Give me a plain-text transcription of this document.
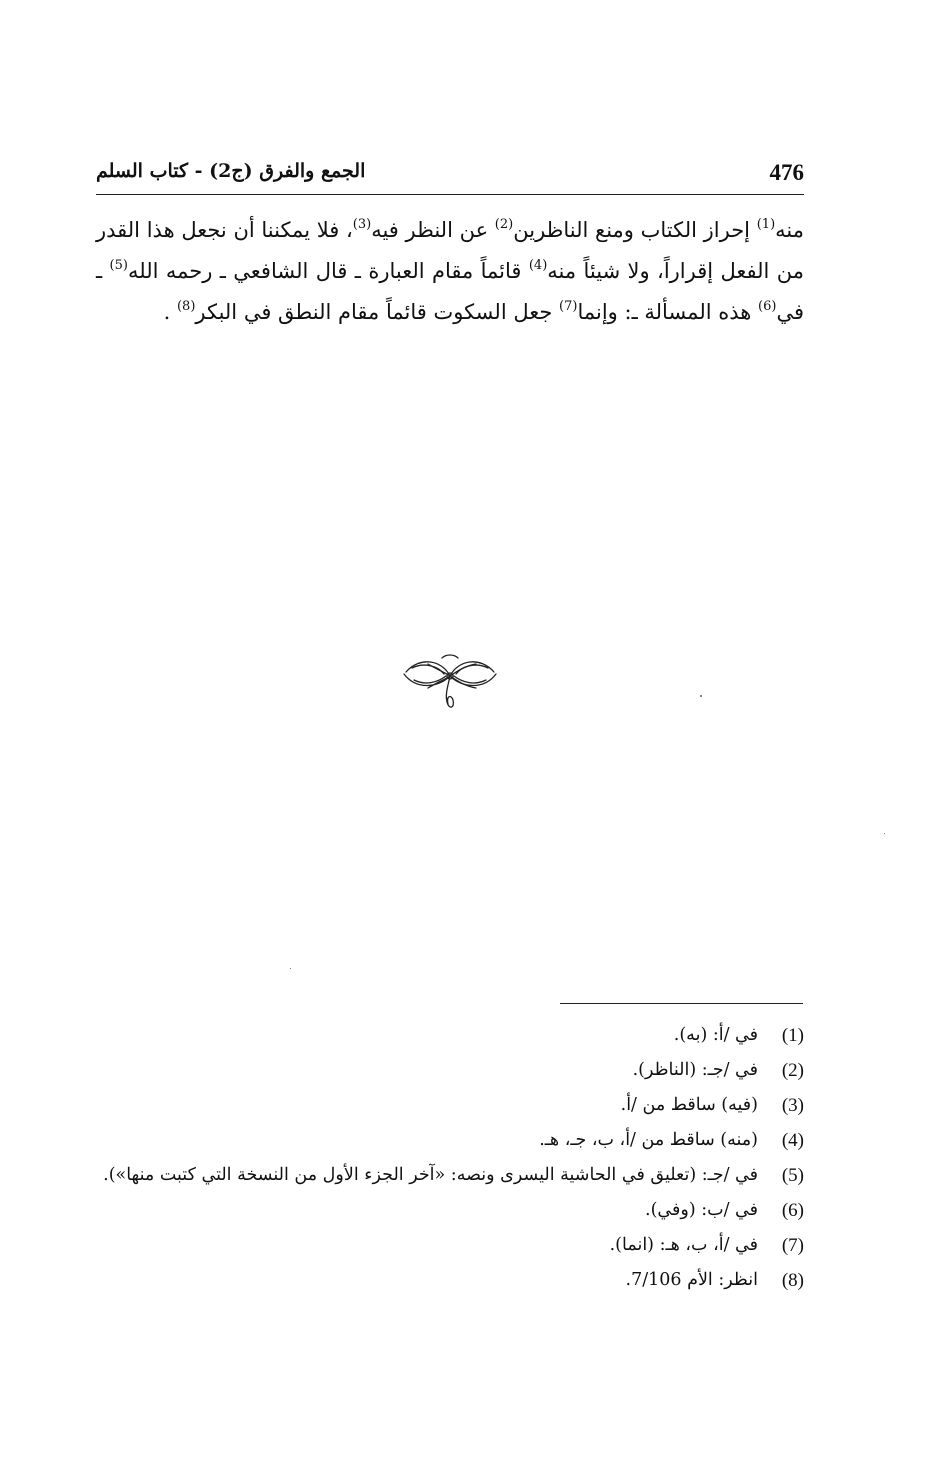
476
الجمع والفرق (ج2) - كتاب السلم
منه$^{(1)}$ إحراز الكتاب ومنع الناظرين$^{(2)}$ عن النظر فيه$^{(3)}$، فلا يمكننا أن نجعل هذا القدر من الفعل إقراراً، ولا شيئاً منه$^{(4)}$ قائماً مقام العبارة ـ قال الشافعي ـ رحمه الله$^{(5)}$ ـ في$^{(6)}$ هذه المسألة ـ: وإنما$^{(7)}$ جعل السكوت قائماً مقام النطق في البكر$^{(8)}$ .
(1)
في /أ: (به).
(2)
في /جـ: (الناظر).
(3)
(فيه) ساقط من /أ.
(4)
(منه) ساقط من /أ، ب، جـ، هـ.
(5)
في /جـ: (تعليق في الحاشية اليسرى ونصه: «آخر الجزء الأول من النسخة التي كتبت منها»).
(6)
في /ب: (وفي).
(7)
في /أ، ب، هـ: (انما).
(8)
انظر: الأم 7/106.
